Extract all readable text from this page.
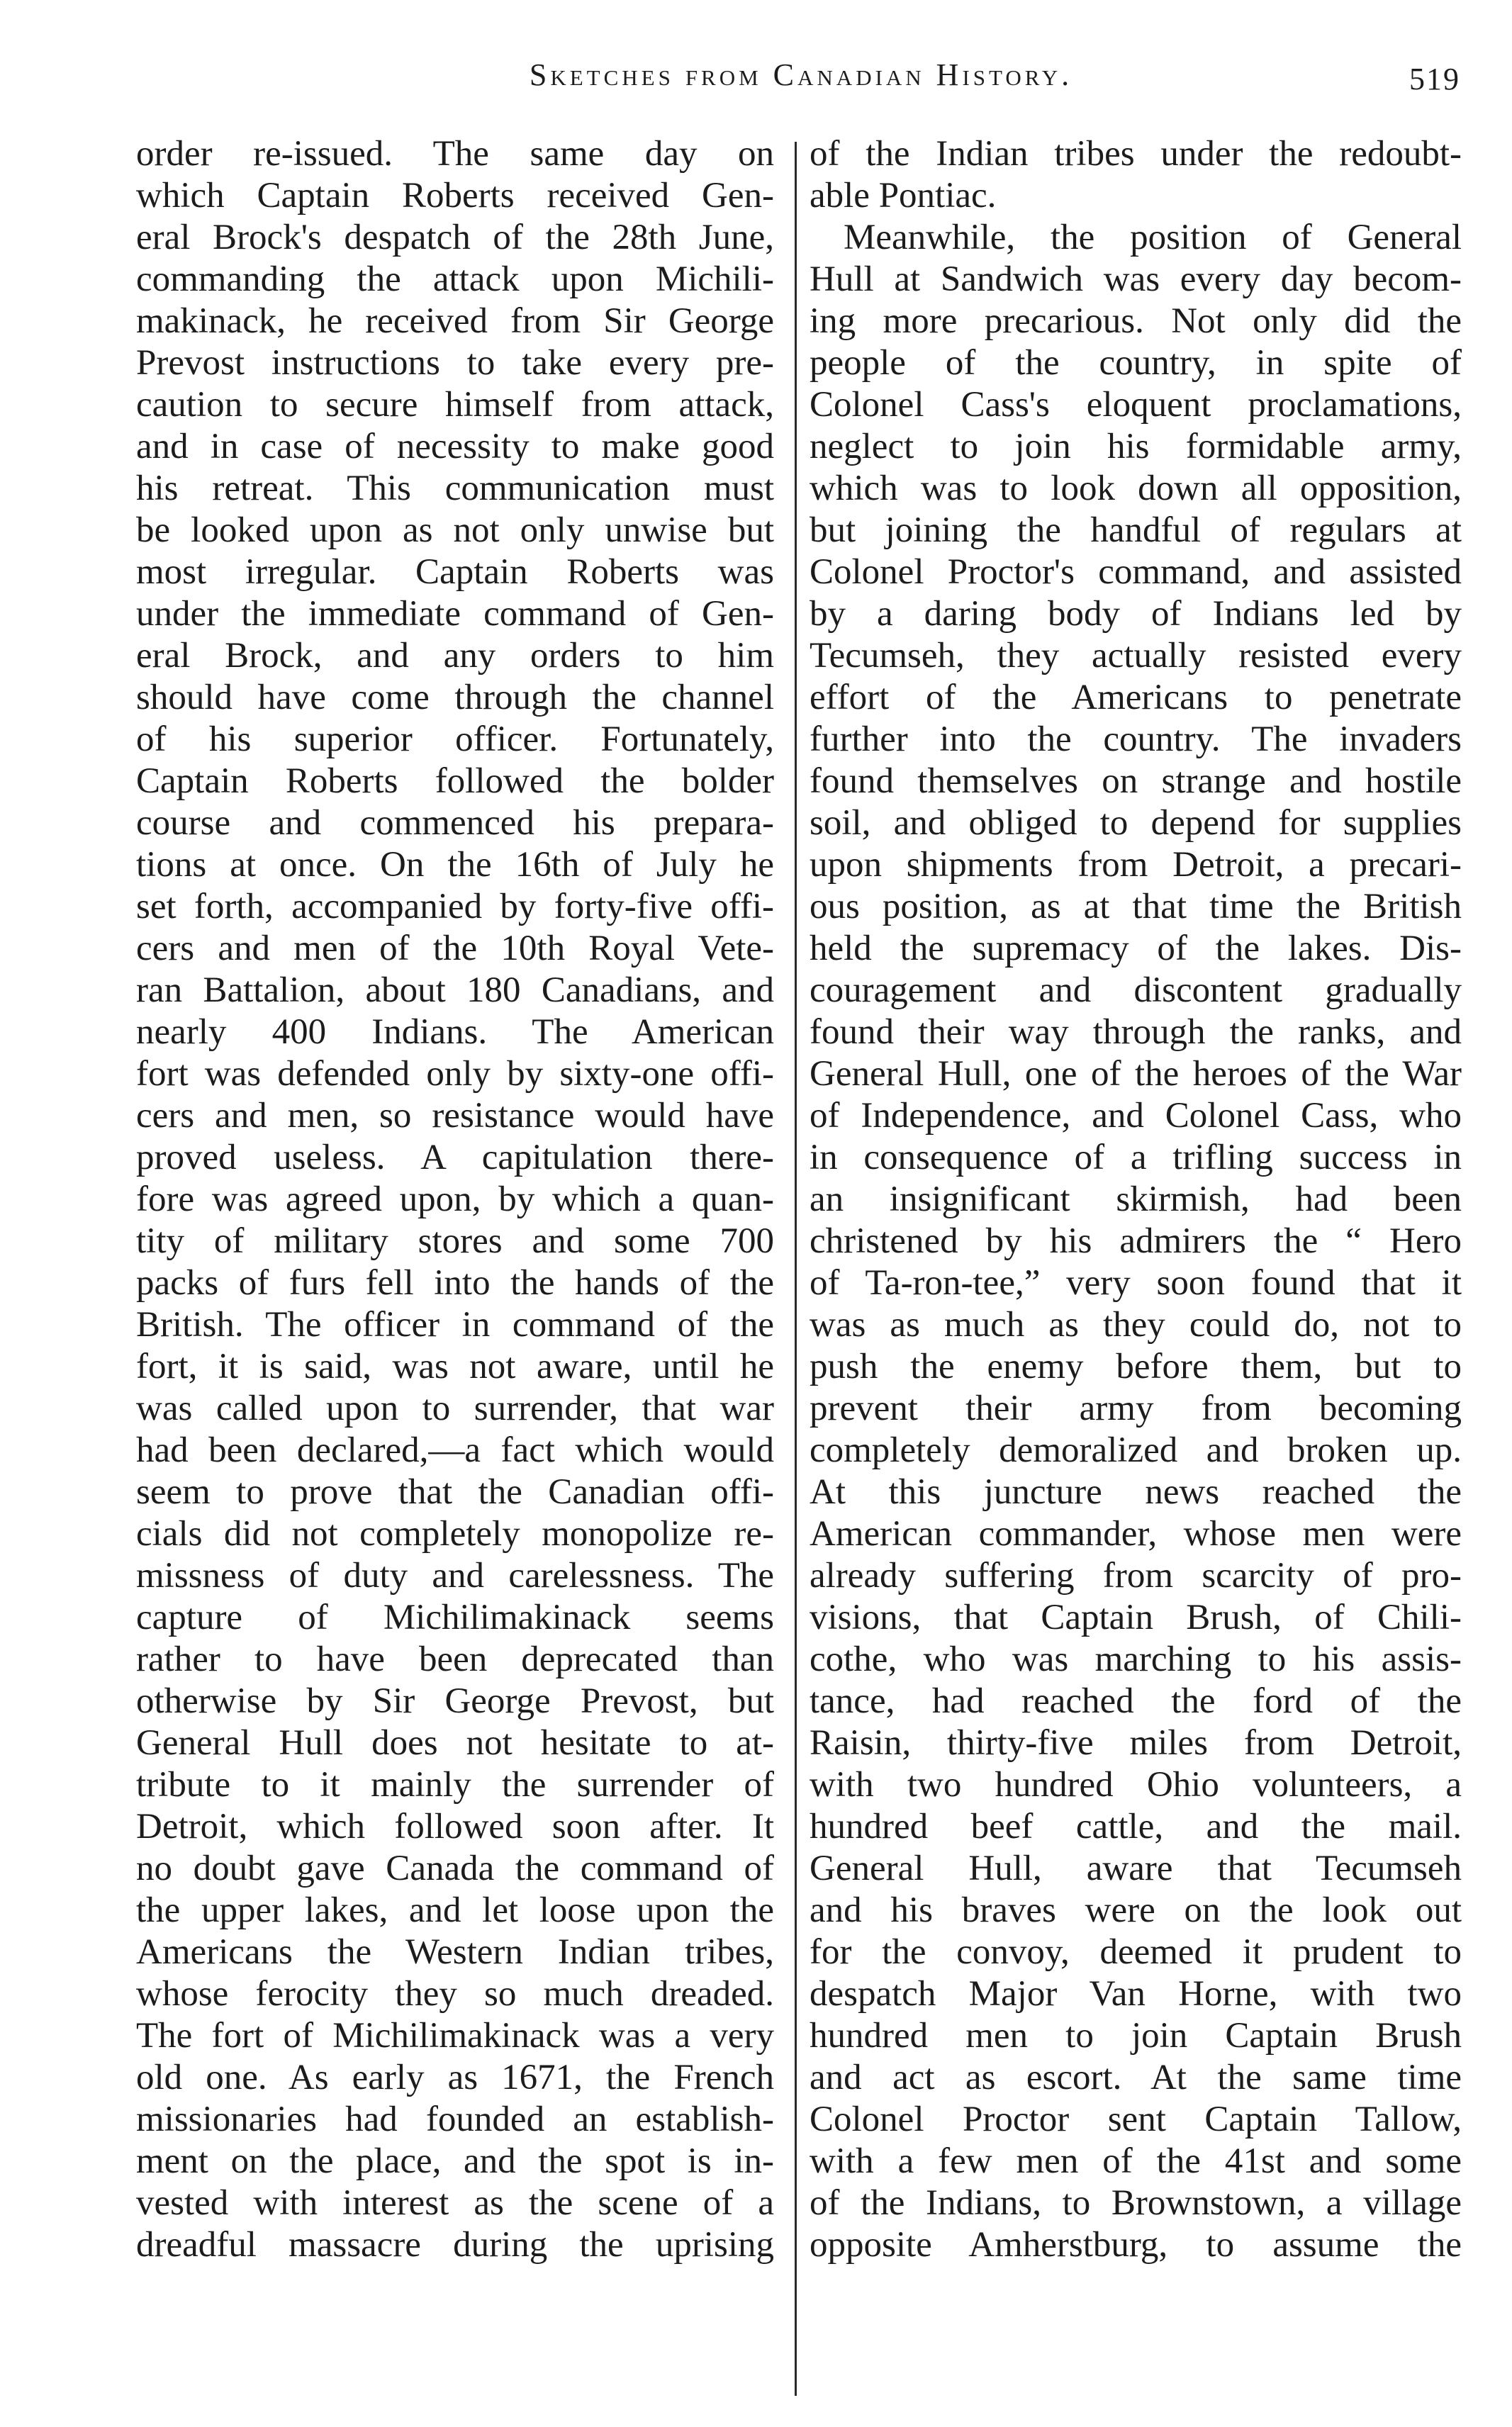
Sketches from Canadian History.	519
order re-issued. The same day on
which Captain Roberts received Gen-
eral Brock's despatch of the 28th June,
commanding the attack upon Michili-
makinack, he received from Sir George
Prevost instructions to take every pre-
caution to secure himself from attack,
and in case of necessity to make good
his retreat. This communication must
be looked upon as not only unwise but
most irregular. Captain Roberts was
under the immediate command of Gen-
eral Brock, and any orders to him
should have come through the channel
of his superior officer. Fortunately,
Captain Roberts followed the bolder
course and commenced his prepara-
tions at once. On the 16th of July he
set forth, accompanied by forty-five offi-
cers and men of the 10th Royal Vete-
ran Battalion, about 180 Canadians, and
nearly 400 Indians. The American
fort was defended only by sixty-one offi-
cers and men, so resistance would have
proved useless. A capitulation there-
fore was agreed upon, by which a quan-
tity of military stores and some 700
packs of furs fell into the hands of the
British. The officer in command of the
fort, it is said, was not aware, until he
was called upon to surrender, that war
had been declared,—a fact which would
seem to prove that the Canadian offi-
cials did not completely monopolize re-
missness of duty and carelessness. The
capture of Michilimakinack seems
rather to have been deprecated than
otherwise by Sir George Prevost, but
General Hull does not hesitate to at-
tribute to it mainly the surrender of
Detroit, which followed soon after. It
no doubt gave Canada the command of
the upper lakes, and let loose upon the
Americans the Western Indian tribes,
whose ferocity they so much dreaded.
The fort of Michilimakinack was a very
old one. As early as 1671, the French
missionaries had founded an establish-
ment on the place, and the spot is in-
vested with interest as the scene of a
dreadful massacre during the uprising
of the Indian tribes under the redoubt-
able Pontiac.
Meanwhile, the position of General
Hull at Sandwich was every day becom-
ing more precarious. Not only did the
people of the country, in spite of
Colonel Cass's eloquent proclamations,
neglect to join his formidable army,
which was to look down all opposition,
but joining the handful of regulars at
Colonel Proctor's command, and assisted
by a daring body of Indians led by
Tecumseh, they actually resisted every
effort of the Americans to penetrate
further into the country. The invaders
found themselves on strange and hostile
soil, and obliged to depend for supplies
upon shipments from Detroit, a precari-
ous position, as at that time the British
held the supremacy of the lakes. Dis-
couragement and discontent gradually
found their way through the ranks, and
General Hull, one of the heroes of the War
of Independence, and Colonel Cass, who
in consequence of a trifling success in
an insignificant skirmish, had been
christened by his admirers the “ Hero
of Ta-ron-tee,” very soon found that it
was as much as they could do, not to
push the enemy before them, but to
prevent their army from becoming
completely demoralized and broken up.
At this juncture news reached the
American commander, whose men were
already suffering from scarcity of pro-
visions, that Captain Brush, of Chili-
cothe, who was marching to his assis-
tance, had reached the ford of the
Raisin, thirty-five miles from Detroit,
with two hundred Ohio volunteers, a
hundred beef cattle, and the mail.
General Hull, aware that Tecumseh
and his braves were on the look out
for the convoy, deemed it prudent to
despatch Major Van Horne, with two
hundred men to join Captain Brush
and act as escort. At the same time
Colonel Proctor sent Captain Tallow,
with a few men of the 41st and some
of the Indians, to Brownstown, a village
opposite Amherstburg, to assume the
